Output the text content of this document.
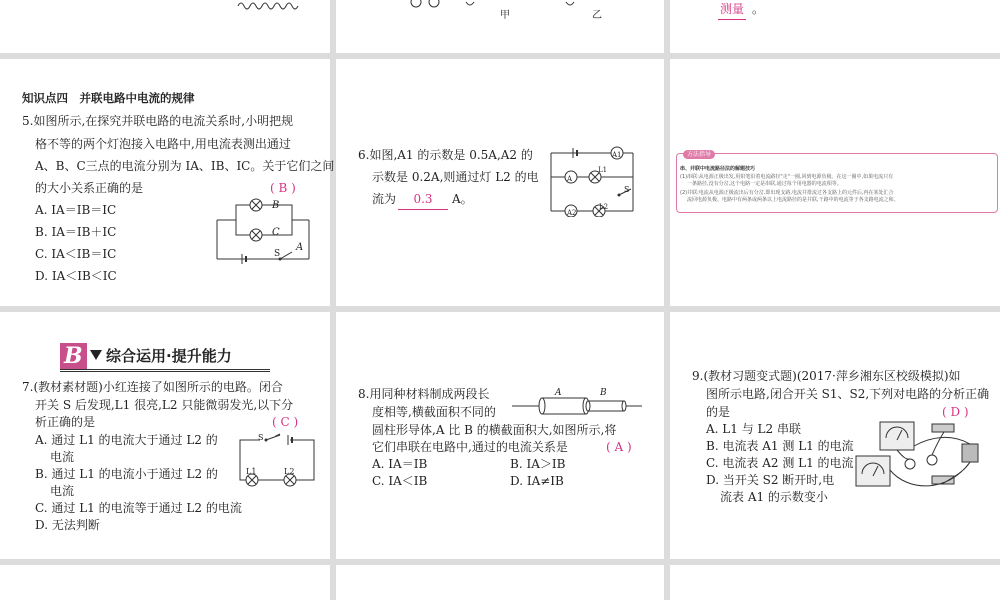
甲	乙	测量 。
知识点四　并联电路中电流的规律
5.如图所示,在探究并联电路的电流关系时,小明把规
格不等的两个灯泡接入电路中,用电流表测出通过
A、B、C三点的电流分别为 IA、IB、IC。关于它们之间
的大小关系正确的是	( B )
A. IA＝IB＝IC
B. IA＝IB＋IC
C. IA＜IB＝IC
D. IA＜IB＜IC
B
C
A
S
6.如图,A1 的示数是 0.5A,A2 的
示数是 0.2A,则通过灯 L2 的电
流为	0.3	A。
A1
A
L1
S
A2
L2
方法指导
串、并联中电流路径法的解题技巧
(1)串联:从电源正极出发,用铅笔沿着电流路径"走"一圈,回到电源负极。在这一圈中,如果电流只有
一条路径,没有分岔,这个电路一定是串联,通过每个用电器的电流相等。
(2)并联:电流从电源正极流出后有分岔,即出现支路,电流并排流过各支路上的元件后,再在某处汇合
流回电源负极。电路中有两条或两条以上电流路径的是并联,干路中的电流等于各支路电流之和。
B 综合运用·提升能力
7.(教材素材题)小红连接了如图所示的电路。闭合
开关 S 后发现,L1 很亮,L2 只能微弱发光,以下分
析正确的是	( C )
A. 通过 L1 的电流大于通过 L2 的
电流
B. 通过 L1 的电流小于通过 L2 的
电流
C. 通过 L1 的电流等于通过 L2 的电流
D. 无法判断
S
L1	L2
8.用同种材料制成两段长
度相等,横截面积不同的
圆柱形导体,A 比 B 的横截面积大,如图所示,将
它们串联在电路中,通过的电流关系是	( A )
A. IA＝IB	B. IA＞IB
C. IA＜IB	D. IA≠IB
A	B
9.(教材习题变式题)(2017·萍乡湘东区校级模拟)如
图所示电路,闭合开关 S1、S2,下列对电路的分析正确
的是	( D )
A. L1 与 L2 串联
B. 电流表 A1 测 L1 的电流
C. 电流表 A2 测 L1 的电流
D. 当开关 S2 断开时,电
流表 A1 的示数变小
